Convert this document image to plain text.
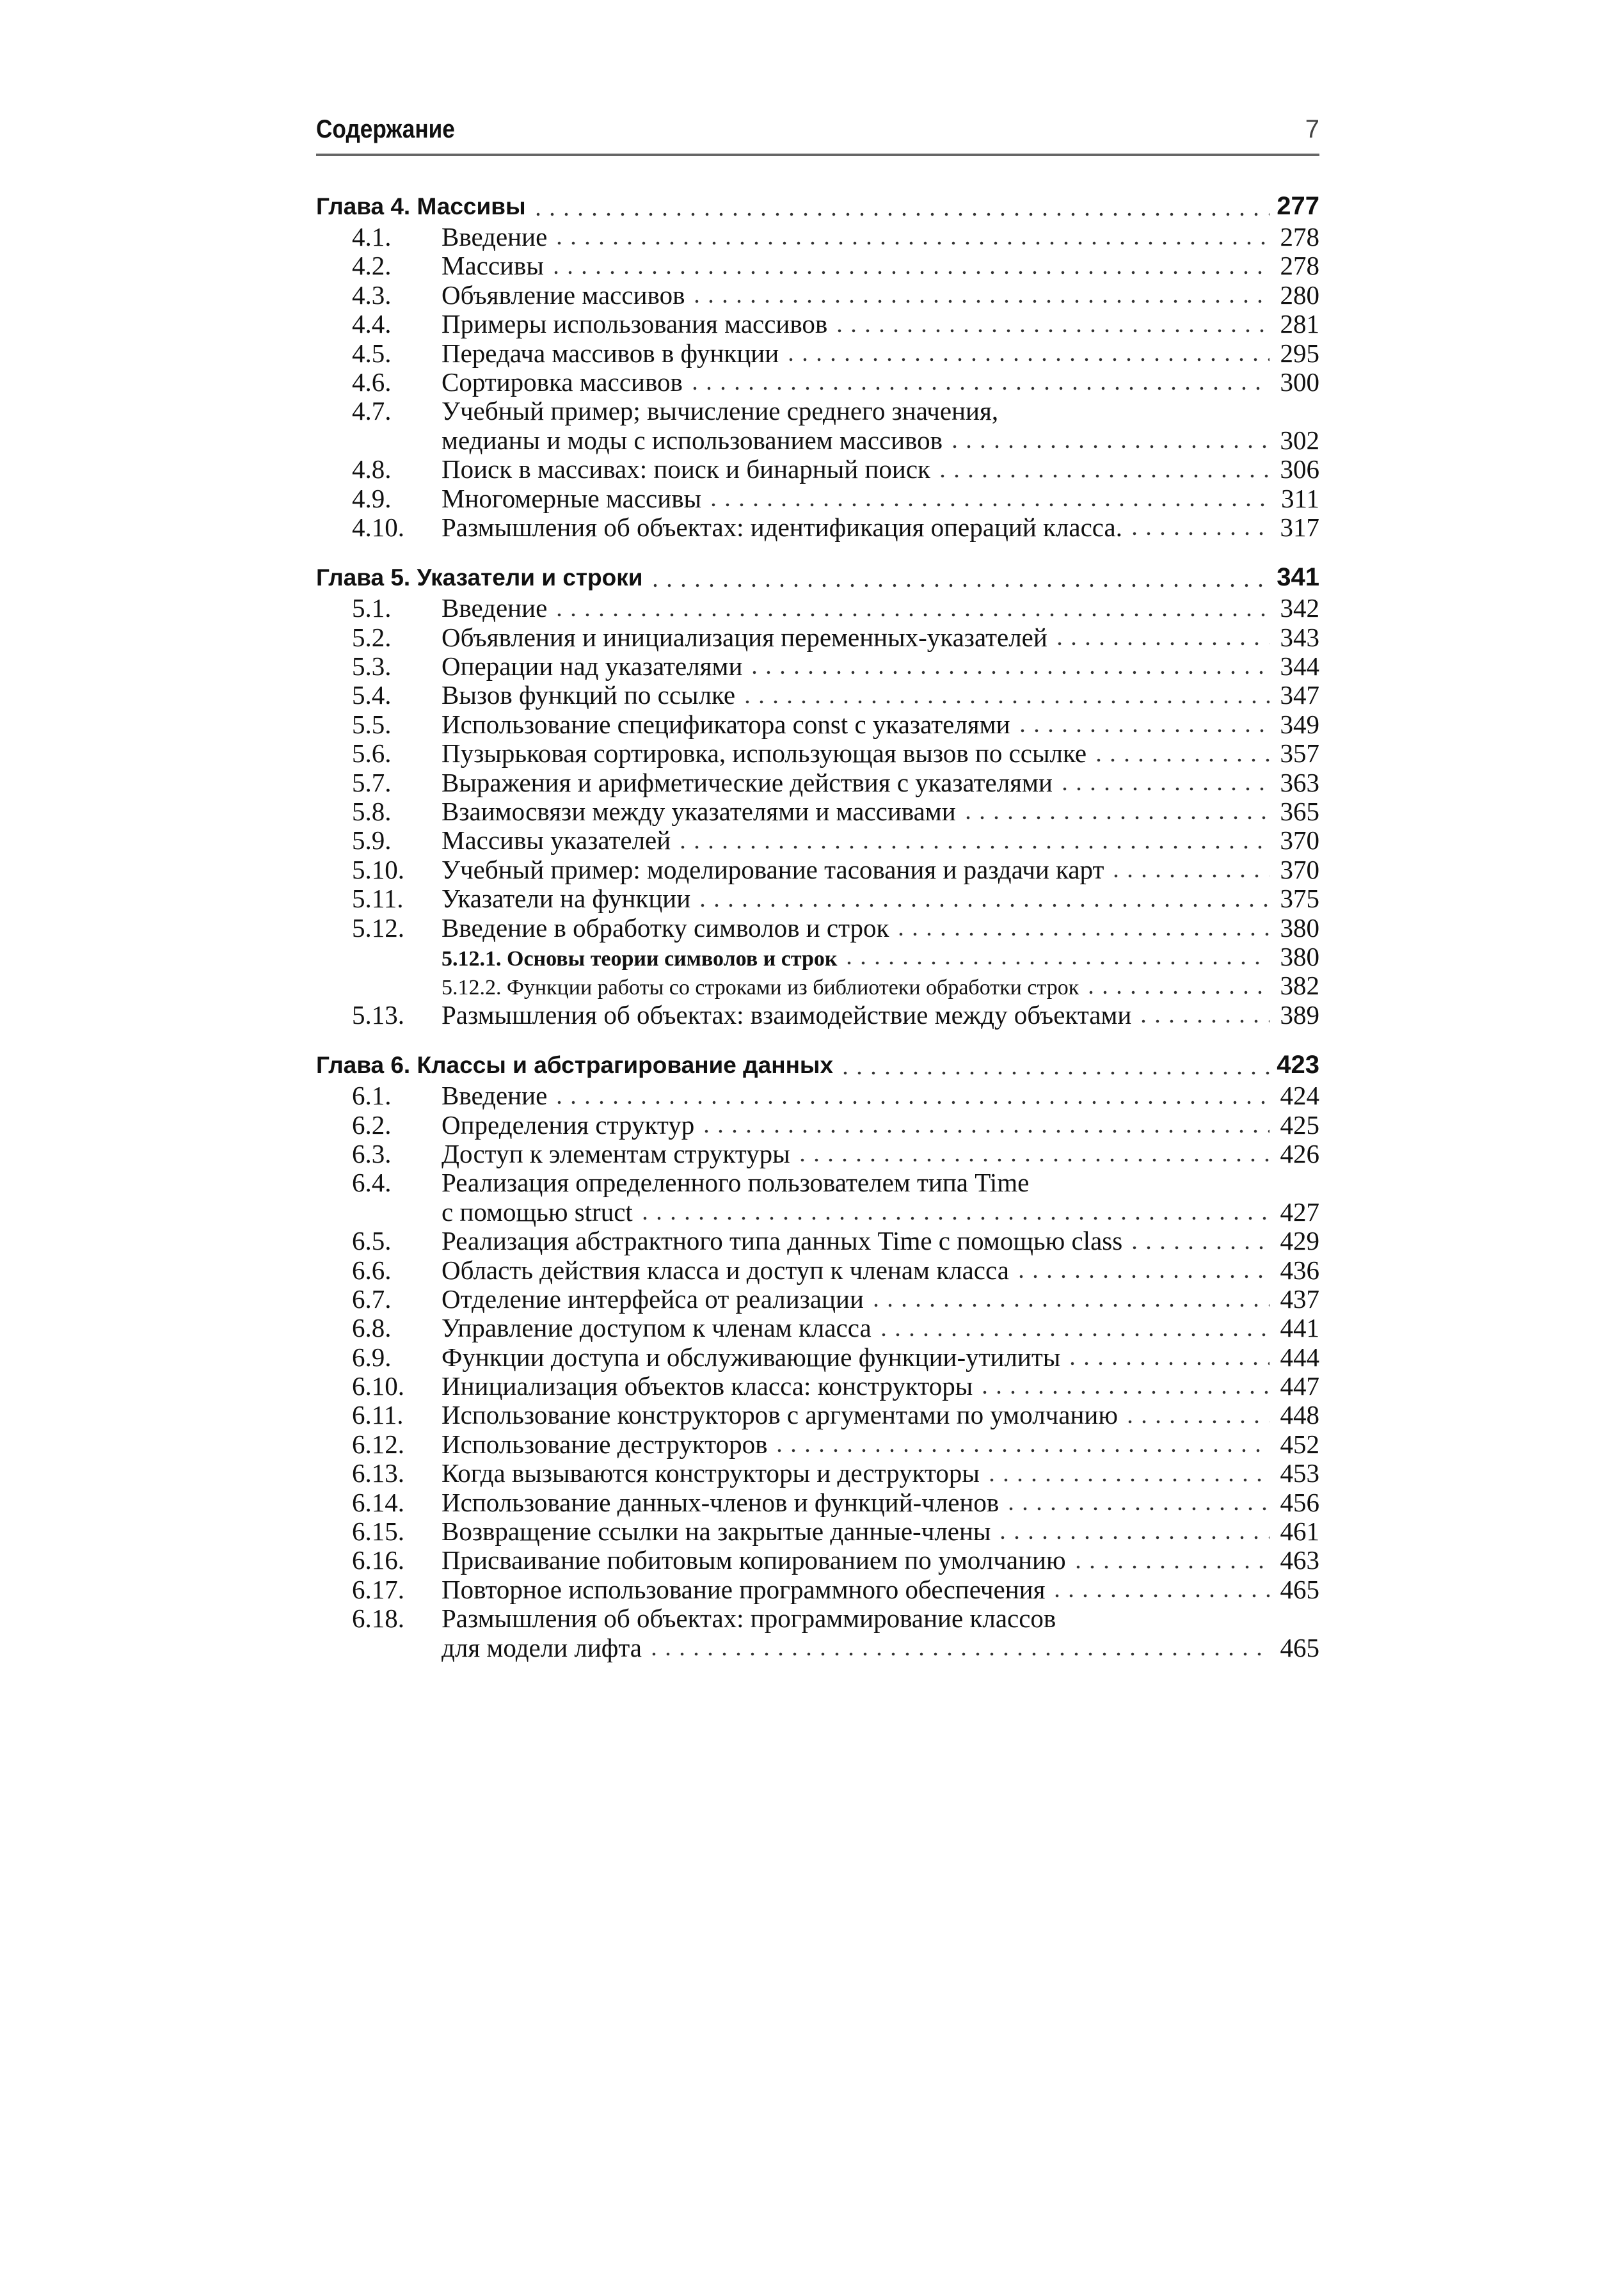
Содержание	7
Глава 4. Массивы	277
4.1.	Введение	278
4.2.	Массивы	278
4.3.	Объявление массивов	280
4.4.	Примеры использования массивов	281
4.5.	Передача массивов в функции	295
4.6.	Сортировка массивов	300
4.7.	Учебный пример; вычисление среднего значения,
медианы и моды с использованием массивов	302
4.8.	Поиск в массивах: поиск и бинарный поиск	306
4.9.	Многомерные массивы	311
4.10.	Размышления об объектах: идентификация операций класса.	317
Глава 5. Указатели и строки	341
5.1.	Введение	342
5.2.	Объявления и инициализация переменных-указателей	343
5.3.	Операции над указателями	344
5.4.	Вызов функций по ссылке	347
5.5.	Использование спецификатора const с указателями	349
5.6.	Пузырьковая сортировка, использующая вызов по ссылке	357
5.7.	Выражения и арифметические действия с указателями	363
5.8.	Взаимосвязи между указателями и массивами	365
5.9.	Массивы указателей	370
5.10.	Учебный пример: моделирование тасования и раздачи карт	370
5.11.	Указатели на функции	375
5.12.	Введение в обработку символов и строк	380
5.12.1. Основы теории символов и строк	380
5.12.2. Функции работы со строками из библиотеки обработки строк	382
5.13.	Размышления об объектах: взаимодействие между объектами	389
Глава 6. Классы и абстрагирование данных	423
6.1.	Введение	424
6.2.	Определения структур	425
6.3.	Доступ к элементам структуры	426
6.4.	Реализация определенного пользователем типа Time
с помощью struct	427
6.5.	Реализация абстрактного типа данных Time с помощью class	429
6.6.	Область действия класса и доступ к членам класса	436
6.7.	Отделение интерфейса от реализации	437
6.8.	Управление доступом к членам класса	441
6.9.	Функции доступа и обслуживающие функции-утилиты	444
6.10.	Инициализация объектов класса: конструкторы	447
6.11.	Использование конструкторов с аргументами по умолчанию	448
6.12.	Использование деструкторов	452
6.13.	Когда вызываются конструкторы и деструкторы	453
6.14.	Использование данных-членов и функций-членов	456
6.15.	Возвращение ссылки на закрытые данные-члены	461
6.16.	Присваивание побитовым копированием по умолчанию	463
6.17.	Повторное использование программного обеспечения	465
6.18.	Размышления об объектах: программирование классов
для модели лифта	465
